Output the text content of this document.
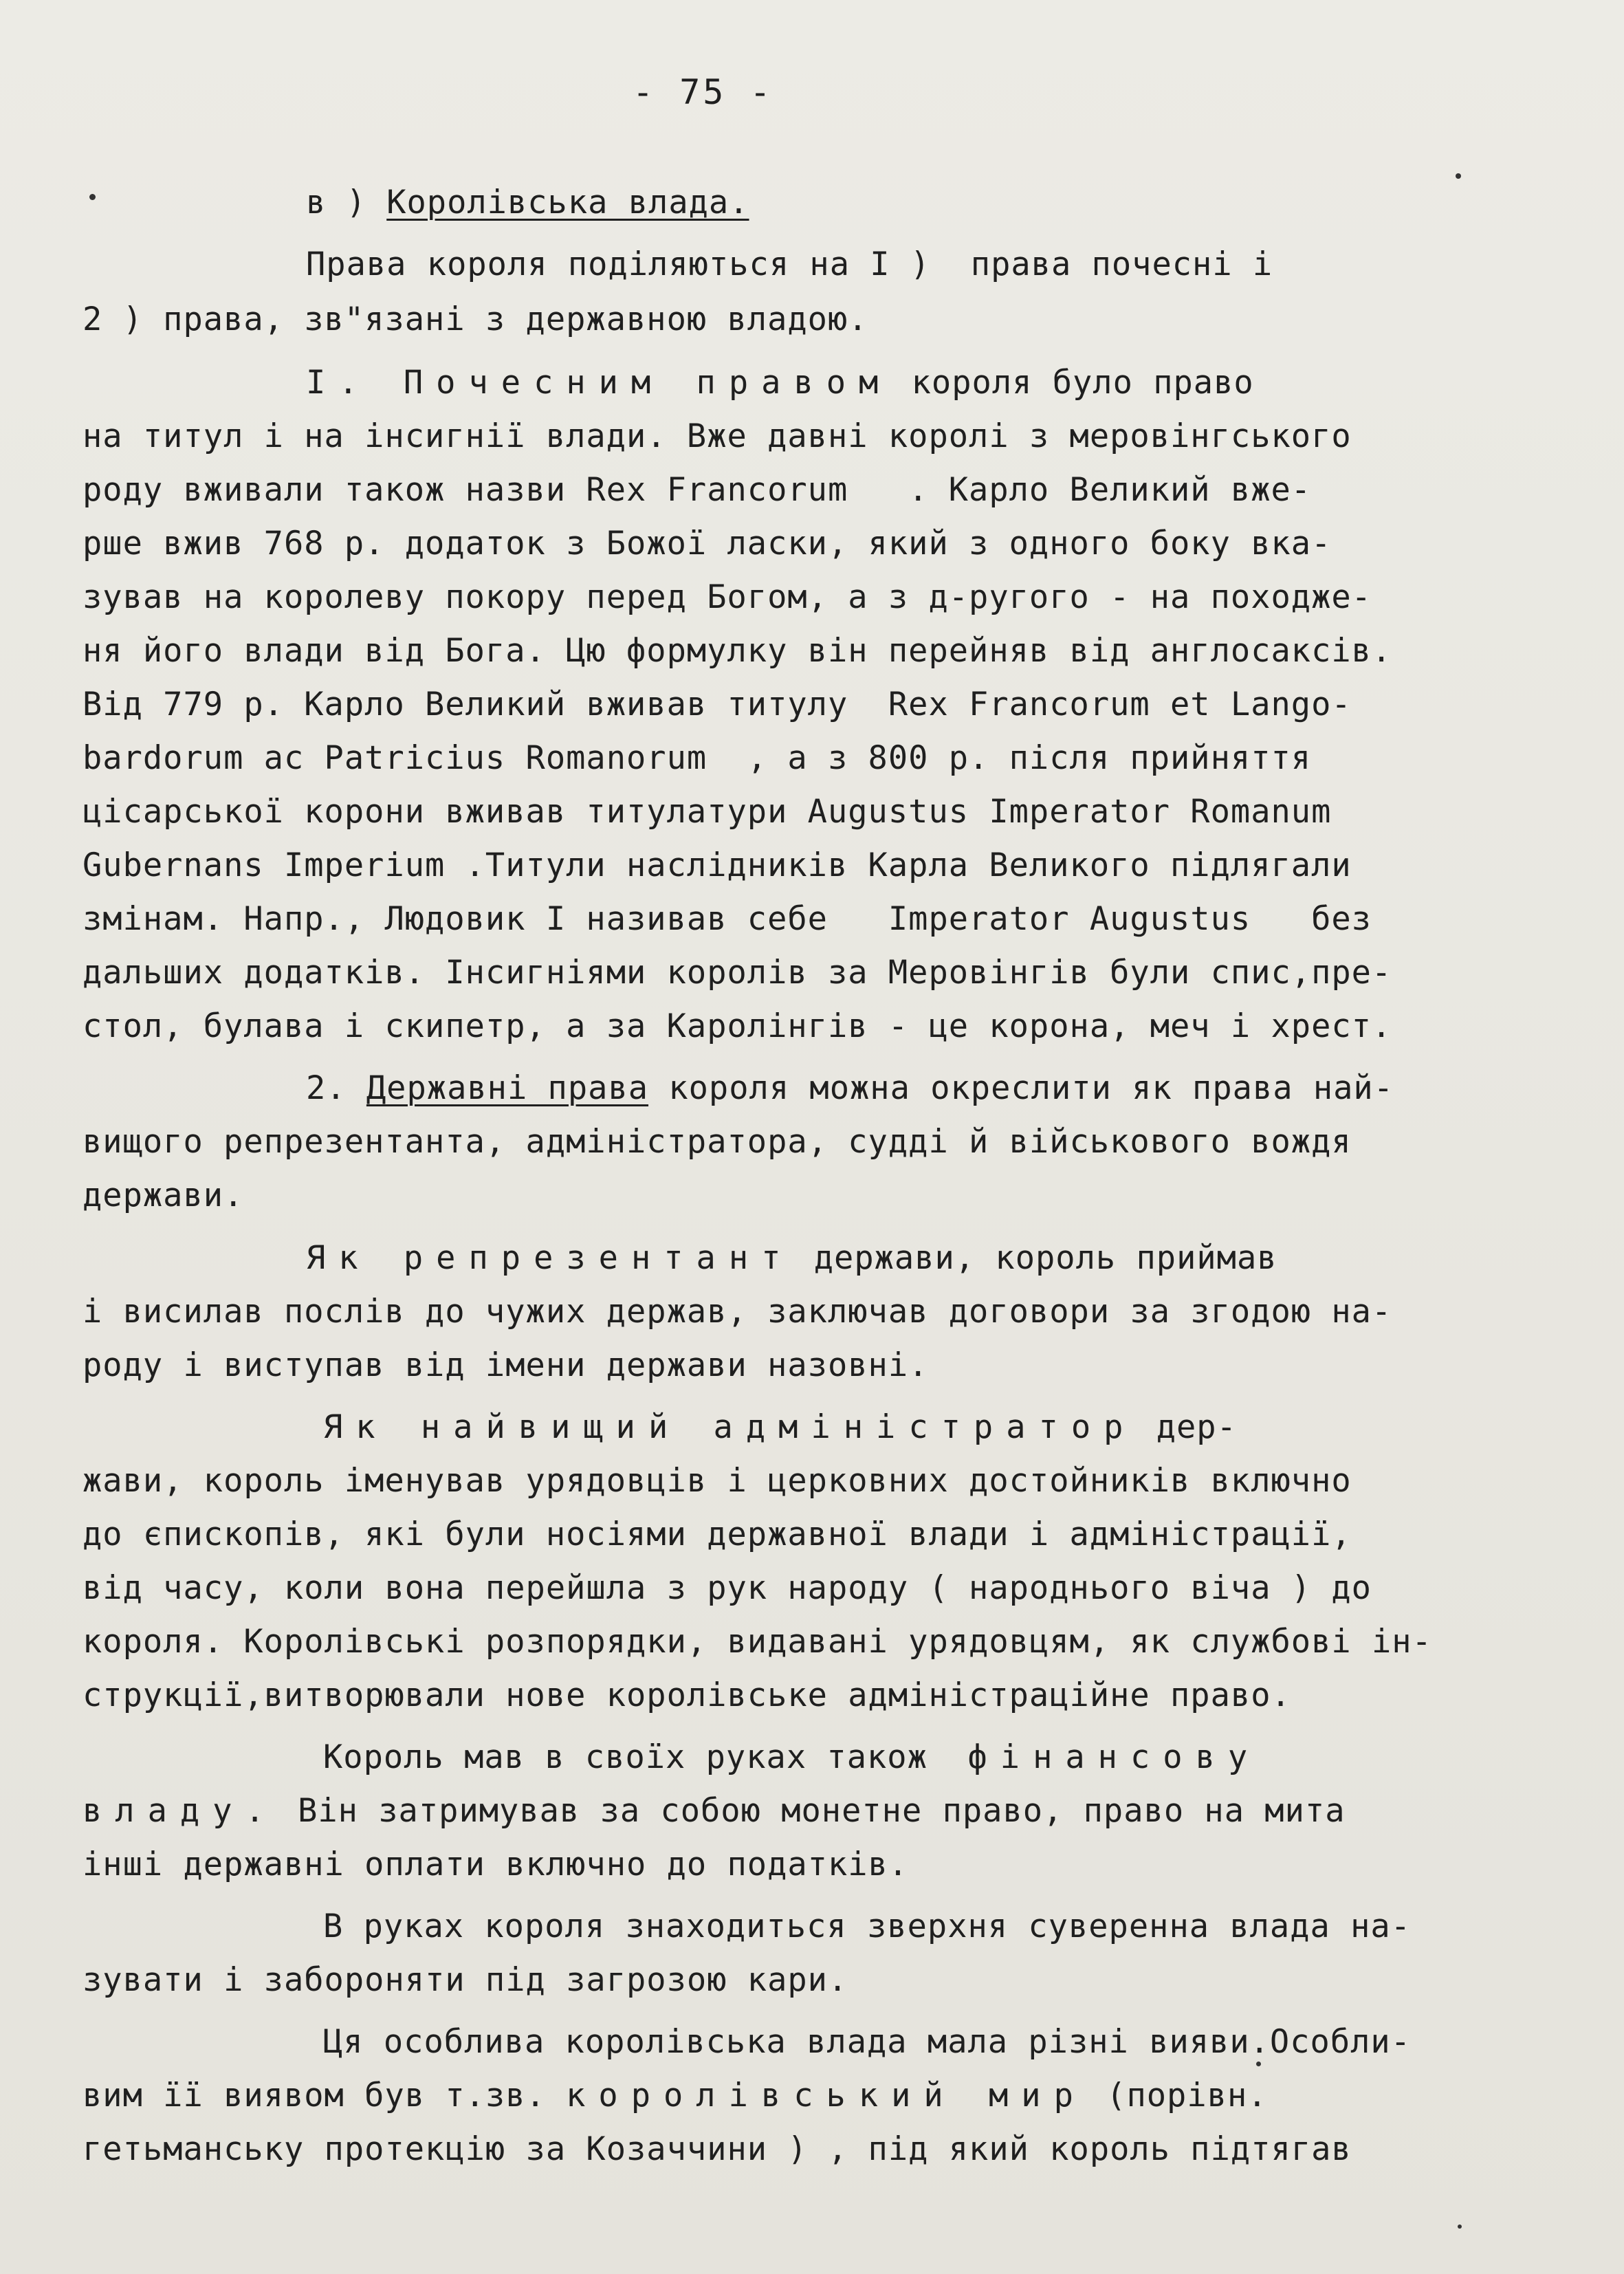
- 75 -
в ) Королівська влада.
Права короля поділяються на I )  права почесні і
2 ) права, зв"язані з державною владою.
I. Почесним правом короля було право
на титул і на інсигнії влади. Вже давні королі з меровінгського
роду вживали також назви Rex Francorum   . Карло Великий вже-
рше вжив 768 р. додаток з Божої ласки, який з одного боку вка-
зував на королеву покору перед Богом, а з д-ругого - на походже-
ня його влади від Бога. Цю формулку він перейняв від англосаксів.
Від 779 р. Карло Великий вживав титулу  Rex Francorum et Lango-
bardorum ac Patricius Romanorum  , а з 800 р. після прийняття
цісарської корони вживав титулатури Augustus Imperator Romanum
Gubernans Imperium .Титули наслідників Карла Великого підлягали
змінам. Напр., Людовик I називав себе   Imperator Augustus   без
дальших додатків. Інсигніями королів за Меровінгів були спис,пре-
стол, булава і скипетр, а за Каролінгів - це корона, меч і хрест.
2. Державні права короля можна окреслити як права най-
вищого репрезентанта, адміністратора, судді й військового вождя
держави.
Як репрезентант держави, король приймав
і висилав послів до чужих держав, заключав договори за згодою на-
роду і виступав від імени держави назовні.
Як найвищий адміністратор дер-
жави, король іменував урядовців і церковних достойників включно
до єпископів, які були носіями державної влади і адміністрації,
від часу, коли вона перейшла з рук народу ( народнього віча ) до
короля. Королівські розпорядки, видавані урядовцям, як службові ін-
струкції,витворювали нове королівське адміністраційне право.
Король мав в своїх руках також фінансову
владу. Він затримував за собою монетне право, право на мита
інші державні оплати включно до податків.
В руках короля знаходиться зверхня суверенна влада на-
зувати і забороняти під загрозою кари.
Ця особлива королівська влада мала різні вияви.Особли-
вим її виявом був т.зв. королівський мир (порівн.
гетьманську протекцію за Козаччини ) , під який король підтягав
